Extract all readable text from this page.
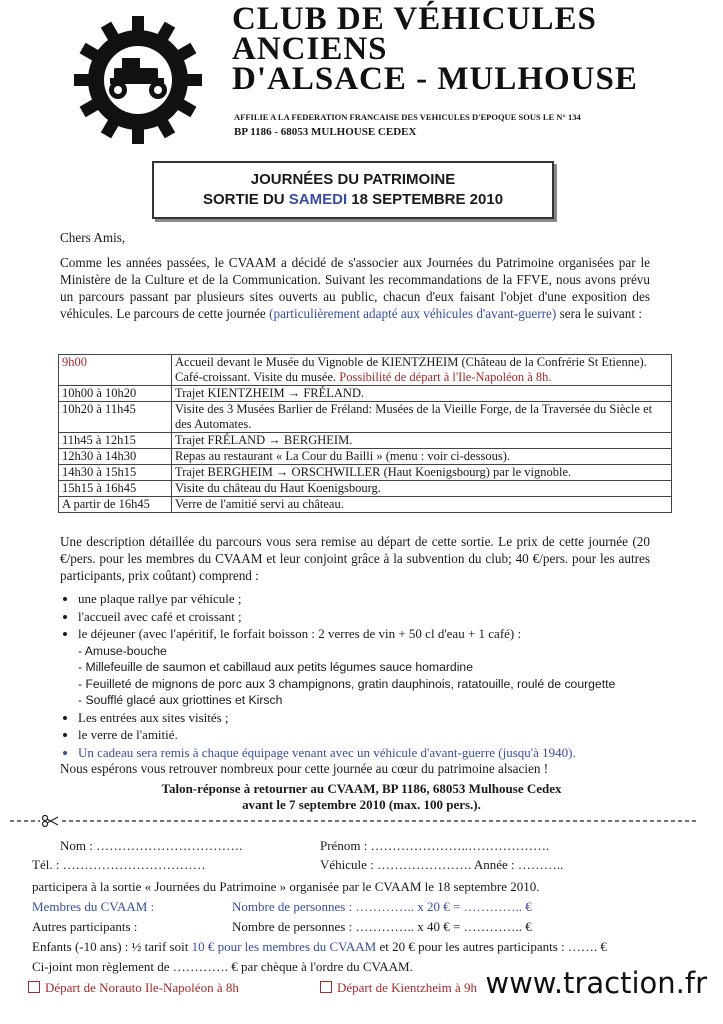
CLUB DE VÉHICULES
ANCIENS
D'ALSACE - MULHOUSE
AFFILIE A LA FEDERATION FRANCAISE DES VEHICULES D'EPOQUE SOUS LE N° 134
BP 1186 - 68053 MULHOUSE CEDEX
JOURNÉES DU PATRIMOINE
SORTIE DU SAMEDI 18 SEPTEMBRE 2010
Chers Amis,
Comme les années passées, le CVAAM a décidé de s'associer aux Journées du Patrimoine organisées par le Ministère de la Culture et de la Communication. Suivant les recommandations de la FFVE, nous avons prévu un parcours passant par plusieurs sites ouverts au public, chacun d'eux faisant l'objet d'une exposition des véhicules. Le parcours de cette journée (particulièrement adapté aux véhicules d'avant-guerre) sera le suivant :
9h00	Accueil devant le Musée du Vignoble de KIENTZHEIM (Château de la Confrérie St Etienne). Café-croissant. Visite du musée. Possibilité de départ à l'Ile-Napoléon à 8h.
10h00 à 10h20	Trajet KIENTZHEIM → FRÉLAND.
10h20 à 11h45	Visite des 3 Musées Barlier de Fréland: Musées de la Vieille Forge, de la Traversée du Siècle et des Automates.
11h45 à 12h15	Trajet FRÉLAND → BERGHEIM.
12h30 à 14h30	Repas au restaurant « La Cour du Bailli » (menu : voir ci-dessous).
14h30 à 15h15	Trajet BERGHEIM → ORSCHWILLER (Haut Koenigsbourg) par le vignoble.
15h15 à 16h45	Visite du château du Haut Koenigsbourg.
A partir de 16h45	Verre de l'amitié servi au château.
Une description détaillée du parcours vous sera remise au départ de cette sortie. Le prix de cette journée (20 €/pers. pour les membres du CVAAM et leur conjoint grâce à la subvention du club; 40 €/pers. pour les autres participants, prix coûtant) comprend :
• une plaque rallye par véhicule ;
• l'accueil avec café et croissant ;
• le déjeuner (avec l'apéritif, le forfait boisson : 2 verres de vin + 50 cl d'eau + 1 café) :
- Amuse-bouche
- Millefeuille de saumon et cabillaud aux petits légumes sauce homardine
- Feuilleté de mignons de porc aux 3 champignons, gratin dauphinois, ratatouille, roulé de courgette
- Soufflé glacé aux griottines et Kirsch
• Les entrées aux sites visités ;
• le verre de l'amitié.
• Un cadeau sera remis à chaque équipage venant avec un véhicule d'avant-guerre (jusqu'à 1940).
Nous espérons vous retrouver nombreux pour cette journée au cœur du patrimoine alsacien !
Talon-réponse à retourner au CVAAM, BP 1186, 68053 Mulhouse Cedex
avant le 7 septembre 2010 (max. 100 pers.).
Nom : …………………………….	Prénom : …………………..……………….
Tél. : ……………………………	Véhicule : …………………. Année : ………..
participera à la sortie « Journées du Patrimoine » organisée par le CVAAM le 18 septembre 2010.
Membres du CVAAM :	Nombre de personnes : ………….. x 20 € = ………….. €
Autres participants :	Nombre de personnes : ………….. x 40 € = ………….. €
Enfants (-10 ans) : ½ tarif soit 10 € pour les membres du CVAAM et 20 € pour les autres participants : ……. €
Ci-joint mon règlement de …………. € par chèque à l'ordre du CVAAM.
Départ de Norauto Ile-Napoléon à 8h	Départ de Kientzheim à 9h www.traction.fr
